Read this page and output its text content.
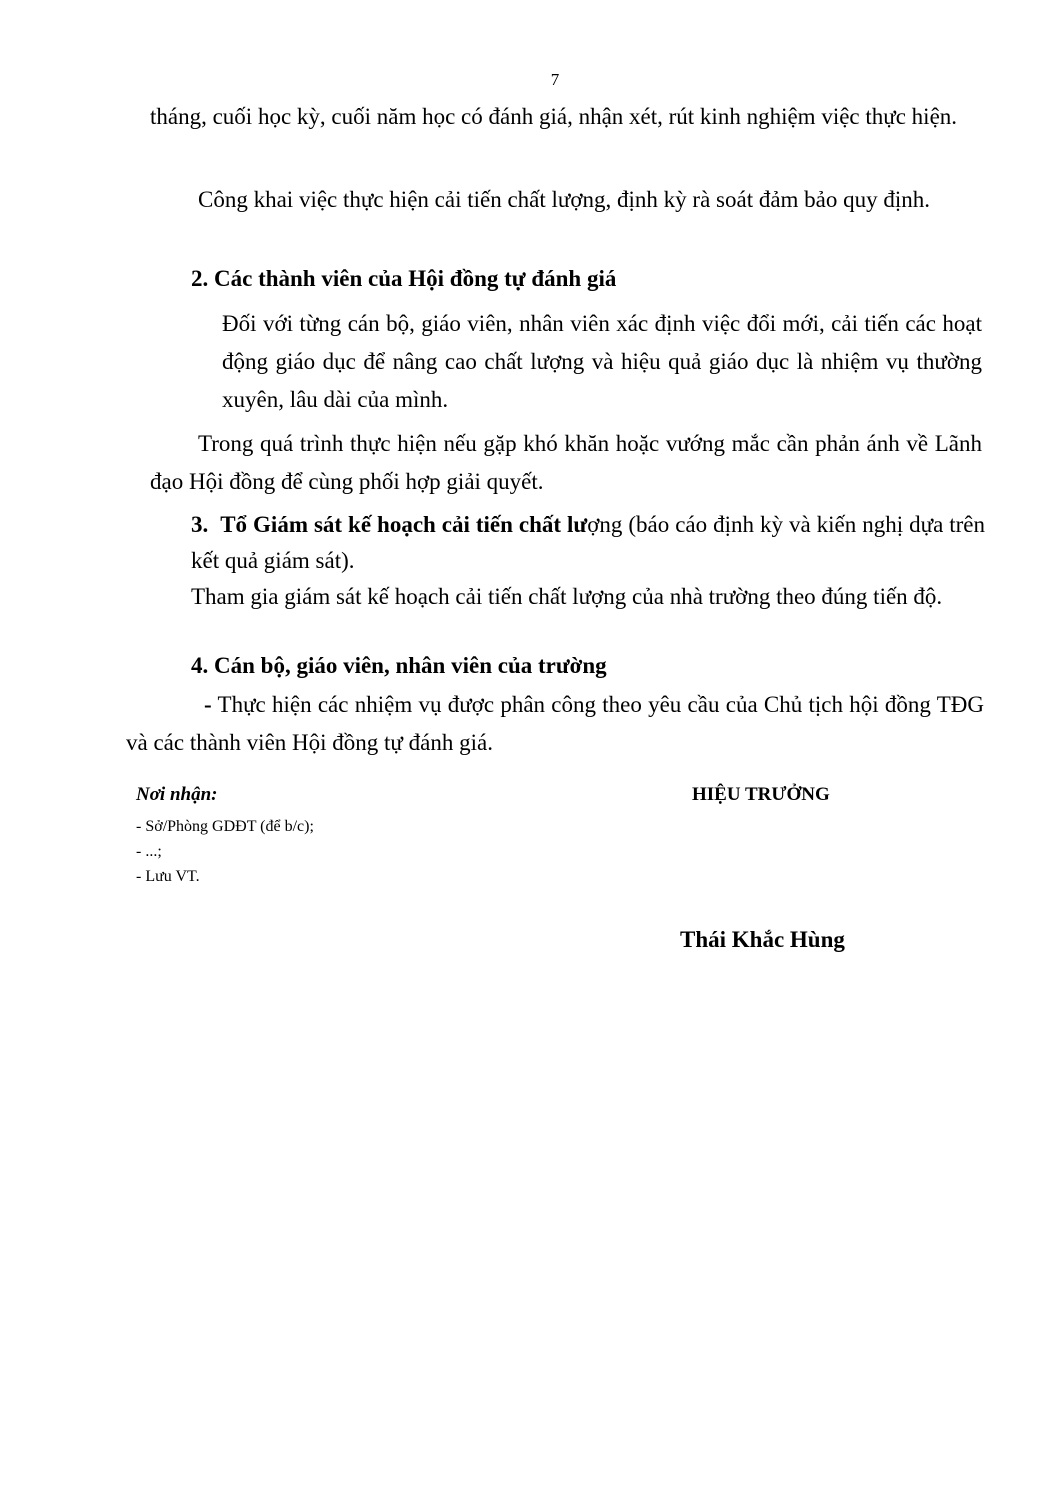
7

tháng, cuối học kỳ, cuối năm học có đánh giá, nhận xét, rút kinh nghiệm việc thực hiện.

Công khai việc thực hiện cải tiến chất lượng, định kỳ rà soát đảm bảo quy định.

2. Các thành viên của Hội đồng tự đánh giá

Đối với từng cán bộ, giáo viên, nhân viên xác định việc đổi mới, cải tiến các hoạt động giáo dục để nâng cao chất lượng và hiệu quả giáo dục là nhiệm vụ thường xuyên, lâu dài của mình.

Trong quá trình thực hiện nếu gặp khó khăn hoặc vướng mắc cần phản ánh về Lãnh đạo Hội đồng để cùng phối hợp giải quyết.

3. Tổ Giám sát kế hoạch cải tiến chất lượng (báo cáo định kỳ và kiến nghị dựa trên kết quả giám sát).

Tham gia giám sát kế hoạch cải tiến chất lượng của nhà trường theo đúng tiến độ.

4. Cán bộ, giáo viên, nhân viên của trường

- Thực hiện các nhiệm vụ được phân công theo yêu cầu của Chủ tịch hội đồng TĐG và các thành viên Hội đồng tự đánh giá.

Nơi nhận:

- Sở/Phòng GDĐT (để b/c);
- ...;
- Lưu VT.

HIỆU TRƯỞNG

Thái Khắc Hùng
